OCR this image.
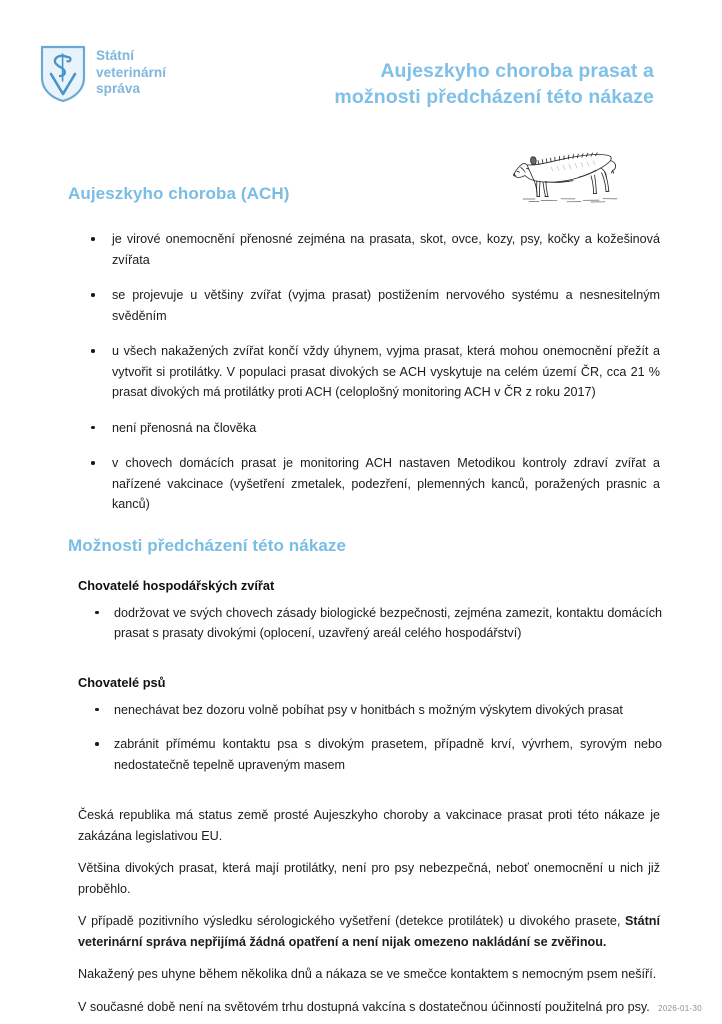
Státní
veterinární
správa
Aujeszkyho choroba prasat a
možnosti předcházení této nákaze
Aujeszkyho choroba (ACH)
je virové onemocnění přenosné zejména na prasata, skot, ovce, kozy, psy, kočky a kožešinová zvířata
se projevuje u většiny zvířat (vyjma prasat) postižením nervového systému a nesnesitelným svěděním
u všech nakažených zvířat končí vždy úhynem, vyjma prasat, která mohou onemocnění přežít a vytvořit si protilátky. V populaci prasat divokých se ACH vyskytuje na celém území ČR, cca 21 % prasat divokých má protilátky proti ACH (celoplošný monitoring ACH v ČR z roku 2017)
není přenosná na člověka
v chovech domácích prasat je monitoring ACH nastaven Metodikou kontroly zdraví zvířat a nařízené vakcinace (vyšetření zmetalek, podezření, plemenných kanců, poražených prasnic a kanců)
Možnosti předcházení této nákaze
Chovatelé hospodářských zvířat
dodržovat ve svých chovech zásady biologické bezpečnosti, zejména zamezit, kontaktu domácích prasat s prasaty divokými (oplocení, uzavřený areál celého hospodářství)
Chovatelé psů
nenechávat bez dozoru volně pobíhat psy v honitbách s možným výskytem divokých prasat
zabránit přímému kontaktu psa s divokým prasetem, případně krví, vývrhem, syrovým nebo nedostatečně tepelně upraveným masem

Česká republika má status země prosté Aujeszkyho choroby a vakcinace prasat proti této nákaze je zakázána legislativou EU.

Většina divokých prasat, která mají protilátky, není pro psy nebezpečná, neboť onemocnění u nich již proběhlo.

V případě pozitivního výsledku sérologického vyšetření (detekce protilátek) u divokého prasete, Státní veterinární správa nepřijímá žádná opatření a není nijak omezeno nakládání se zvěřinou.

Nakažený pes uhyne během několika dnů a nákaza se ve smečce kontaktem s nemocným psem nešíří.

V současné době není na světovém trhu dostupná vakcína s dostatečnou účinností použitelná pro psy.	2026-01-30
